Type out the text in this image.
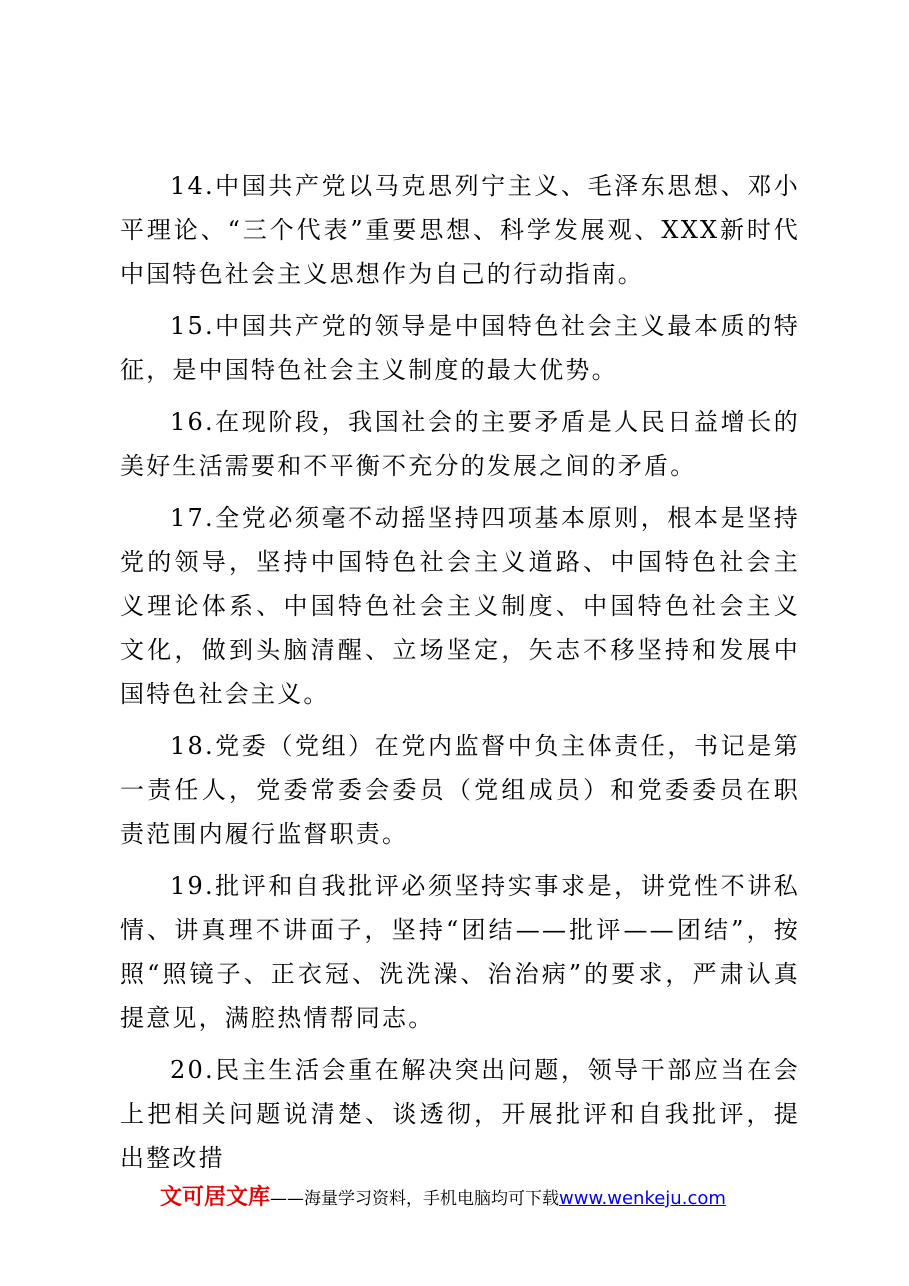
14.中国共产党以马克思列宁主义、毛泽东思想、邓小平理论、“三个代表”重要思想、科学发展观、XXX新时代中国特色社会主义思想作为自己的行动指南。

15.中国共产党的领导是中国特色社会主义最本质的特征，是中国特色社会主义制度的最大优势。

16.在现阶段，我国社会的主要矛盾是人民日益增长的美好生活需要和不平衡不充分的发展之间的矛盾。

17.全党必须毫不动摇坚持四项基本原则，根本是坚持党的领导，坚持中国特色社会主义道路、中国特色社会主义理论体系、中国特色社会主义制度、中国特色社会主义文化，做到头脑清醒、立场坚定，矢志不移坚持和发展中国特色社会主义。

18.党委（党组）在党内监督中负主体责任，书记是第一责任人，党委常委会委员（党组成员）和党委委员在职责范围内履行监督职责。

19.批评和自我批评必须坚持实事求是，讲党性不讲私情、讲真理不讲面子，坚持“团结——批评——团结”，按照“照镜子、正衣冠、洗洗澡、治治病”的要求，严肃认真提意见，满腔热情帮同志。

20.民主生活会重在解决突出问题，领导干部应当在会上把相关问题说清楚、谈透彻，开展批评和自我批评，提出整改措

文可居文库 ——海量学习资料，手机电脑均可下载 www.wenkeju.com
